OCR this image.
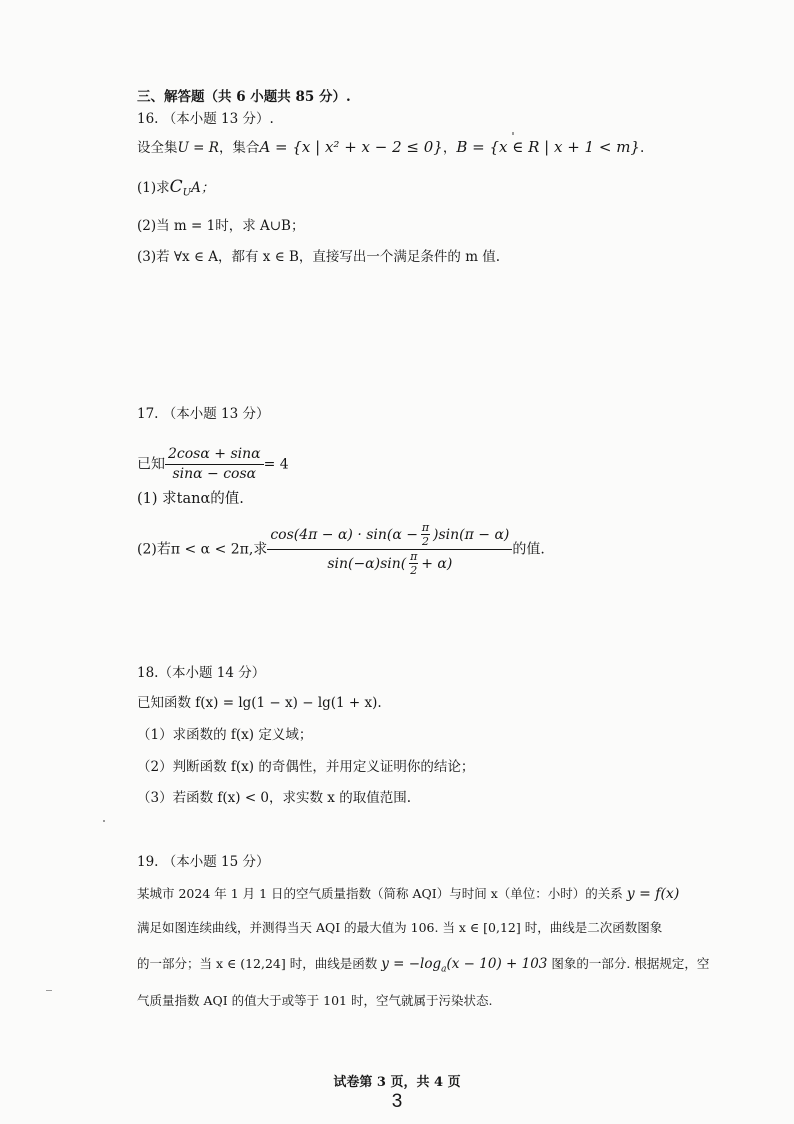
三、解答题（共 6 小题共 85 分）.
16. （本小题 13 分）.
设全集U = R，集合A = {x | x² + x − 2 ≤ 0}，B = {x ∈ R | x + 1 < m}.
(1)求$C_UA$；
(2)当 m = 1时，求 A∪B；
(3)若 ∀x ∈ A，都有 x ∈ B，直接写出一个满足条件的 m 值.
17. （本小题 13 分）
已知 $\frac{2\cos\alpha + \sin\alpha}{\sin\alpha - \cos\alpha} = 4$
(1) 求tanα的值.
(2)若π < α < 2π,求 $\frac{\cos(4\pi - \alpha) \cdot \sin(\alpha - \frac{\pi}{2} )\sin(\pi - \alpha)}{\sin(-\alpha)\sin( \frac{\pi}{2} + \alpha)}$ 的值.
18.（本小题 14 分）
已知函数 f(x) = lg(1 − x) − lg(1 + x).
（1）求函数的 f(x) 定义域；
（2）判断函数 f(x) 的奇偶性，并用定义证明你的结论；
（3）若函数 f(x) < 0，求实数 x 的取值范围.
19. （本小题 15 分）
某城市 2024 年 1 月 1 日的空气质量指数（简称 AQI）与时间 x（单位：小时）的关系 y = f(x)
满足如图连续曲线，并测得当天 AQI 的最大值为 106. 当 x ∈ [0,12] 时，曲线是二次函数图象
的一部分；当 x ∈ (12,24] 时，曲线是函数 $y = -\log_a(x - 10) + 103$ 图象的一部分. 根据规定，空
气质量指数 AQI 的值大于或等于 101 时，空气就属于污染状态.
试卷第 3 页，共 4 页
3
